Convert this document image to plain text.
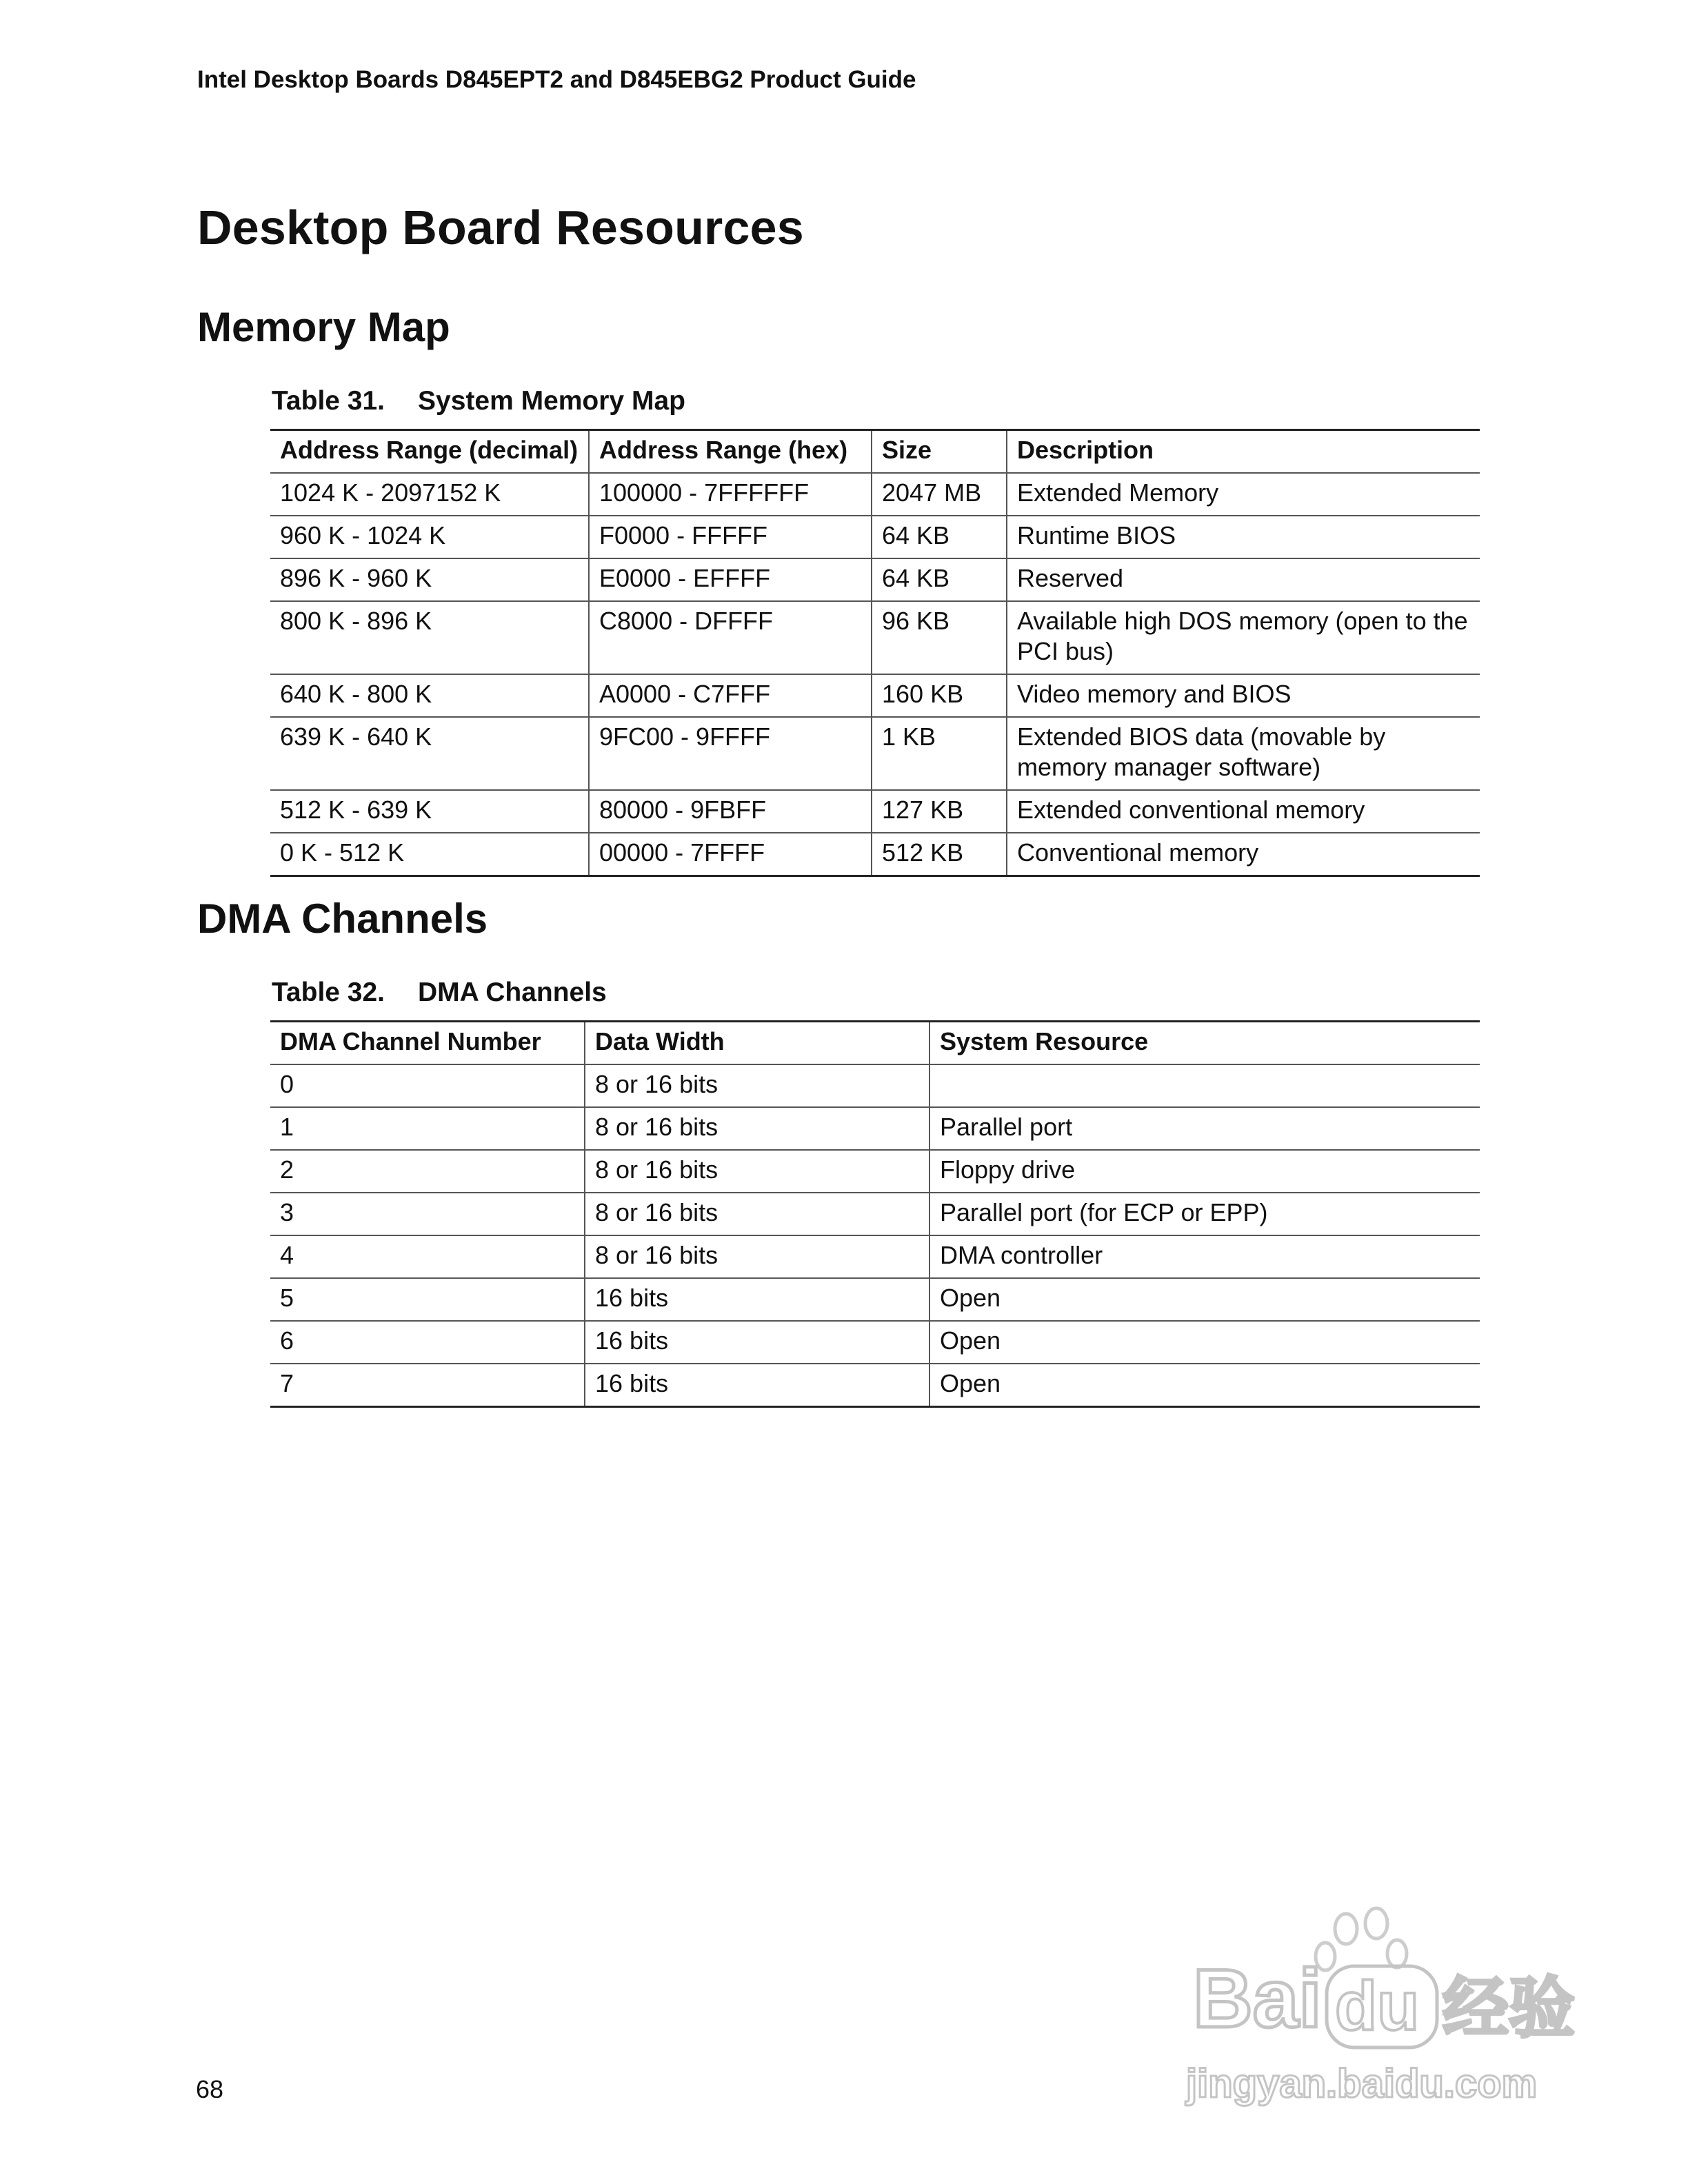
Intel Desktop Boards D845EPT2 and D845EBG2 Product Guide
Desktop Board Resources
Memory Map
Table 31. System Memory Map
Address Range (decimal)	Address Range (hex)	Size	Description
1024 K - 2097152 K	100000 - 7FFFFFF	2047 MB	Extended Memory
960 K - 1024 K	F0000 - FFFFF	64 KB	Runtime BIOS
896 K - 960 K	E0000 - EFFFF	64 KB	Reserved
800 K - 896 K	C8000 - DFFFF	96 KB	Available high DOS memory (open to the PCI bus)
640 K - 800 K	A0000 - C7FFF	160 KB	Video memory and BIOS
639 K - 640 K	9FC00 - 9FFFF	1 KB	Extended BIOS data (movable by memory manager software)
512 K - 639 K	80000 - 9FBFF	127 KB	Extended conventional memory
0 K - 512 K	00000 - 7FFFF	512 KB	Conventional memory
DMA Channels
Table 32. DMA Channels
DMA Channel Number	Data Width	System Resource
0	8 or 16 bits	
1	8 or 16 bits	Parallel port
2	8 or 16 bits	Floppy drive
3	8 or 16 bits	Parallel port (for ECP or EPP)
4	8 or 16 bits	DMA controller
5	16 bits	Open
6	16 bits	Open
7	16 bits	Open
68
Bai du 经验
jingyan.baidu.com
